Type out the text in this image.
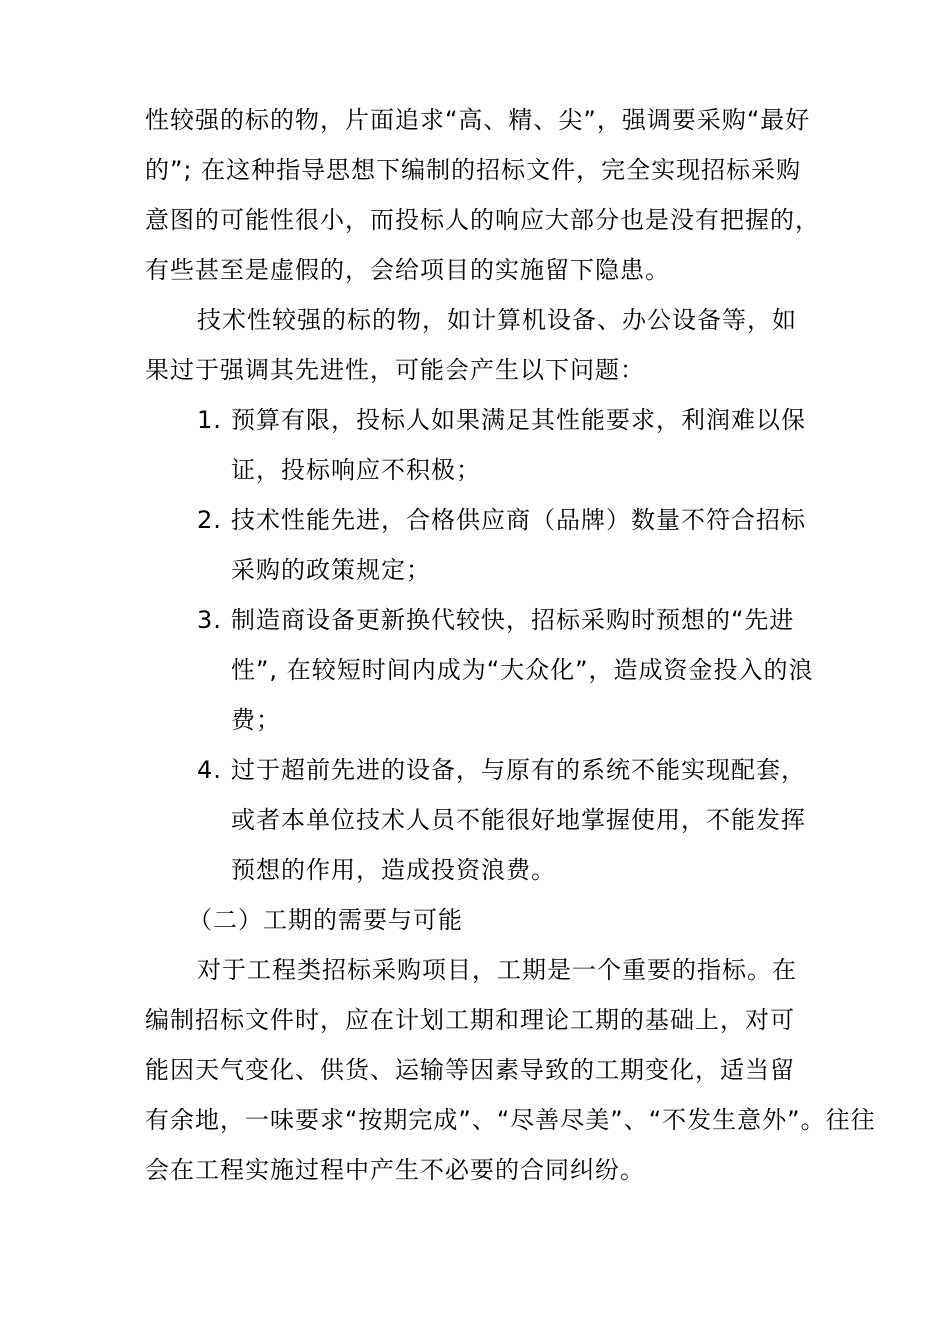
性较强的标的物，片面追求“高、精、尖”，强调要采购“最好
的”; 在这种指导思想下编制的招标文件，完全实现招标采购
意图的可能性很小，而投标人的响应大部分也是没有把握的，
有些甚至是虚假的，会给项目的实施留下隐患。
技术性较强的标的物，如计算机设备、办公设备等，如
果过于强调其先进性，可能会产生以下问题：
1. 预算有限，投标人如果满足其性能要求，利润难以保
证，投标响应不积极；
2. 技术性能先进，合格供应商（品牌）数量不符合招标
采购的政策规定；
3. 制造商设备更新换代较快，招标采购时预想的“先进
性”, 在较短时间内成为“大众化”，造成资金投入的浪
费；
4. 过于超前先进的设备，与原有的系统不能实现配套，
或者本单位技术人员不能很好地掌握使用，不能发挥
预想的作用，造成投资浪费。
（二）工期的需要与可能
对于工程类招标采购项目，工期是一个重要的指标。在
编制招标文件时，应在计划工期和理论工期的基础上，对可
能因天气变化、供货、运输等因素导致的工期变化，适当留
有余地，一味要求“按期完成”、“尽善尽美”、“不发生意外”。往往
会在工程实施过程中产生不必要的合同纠纷。
